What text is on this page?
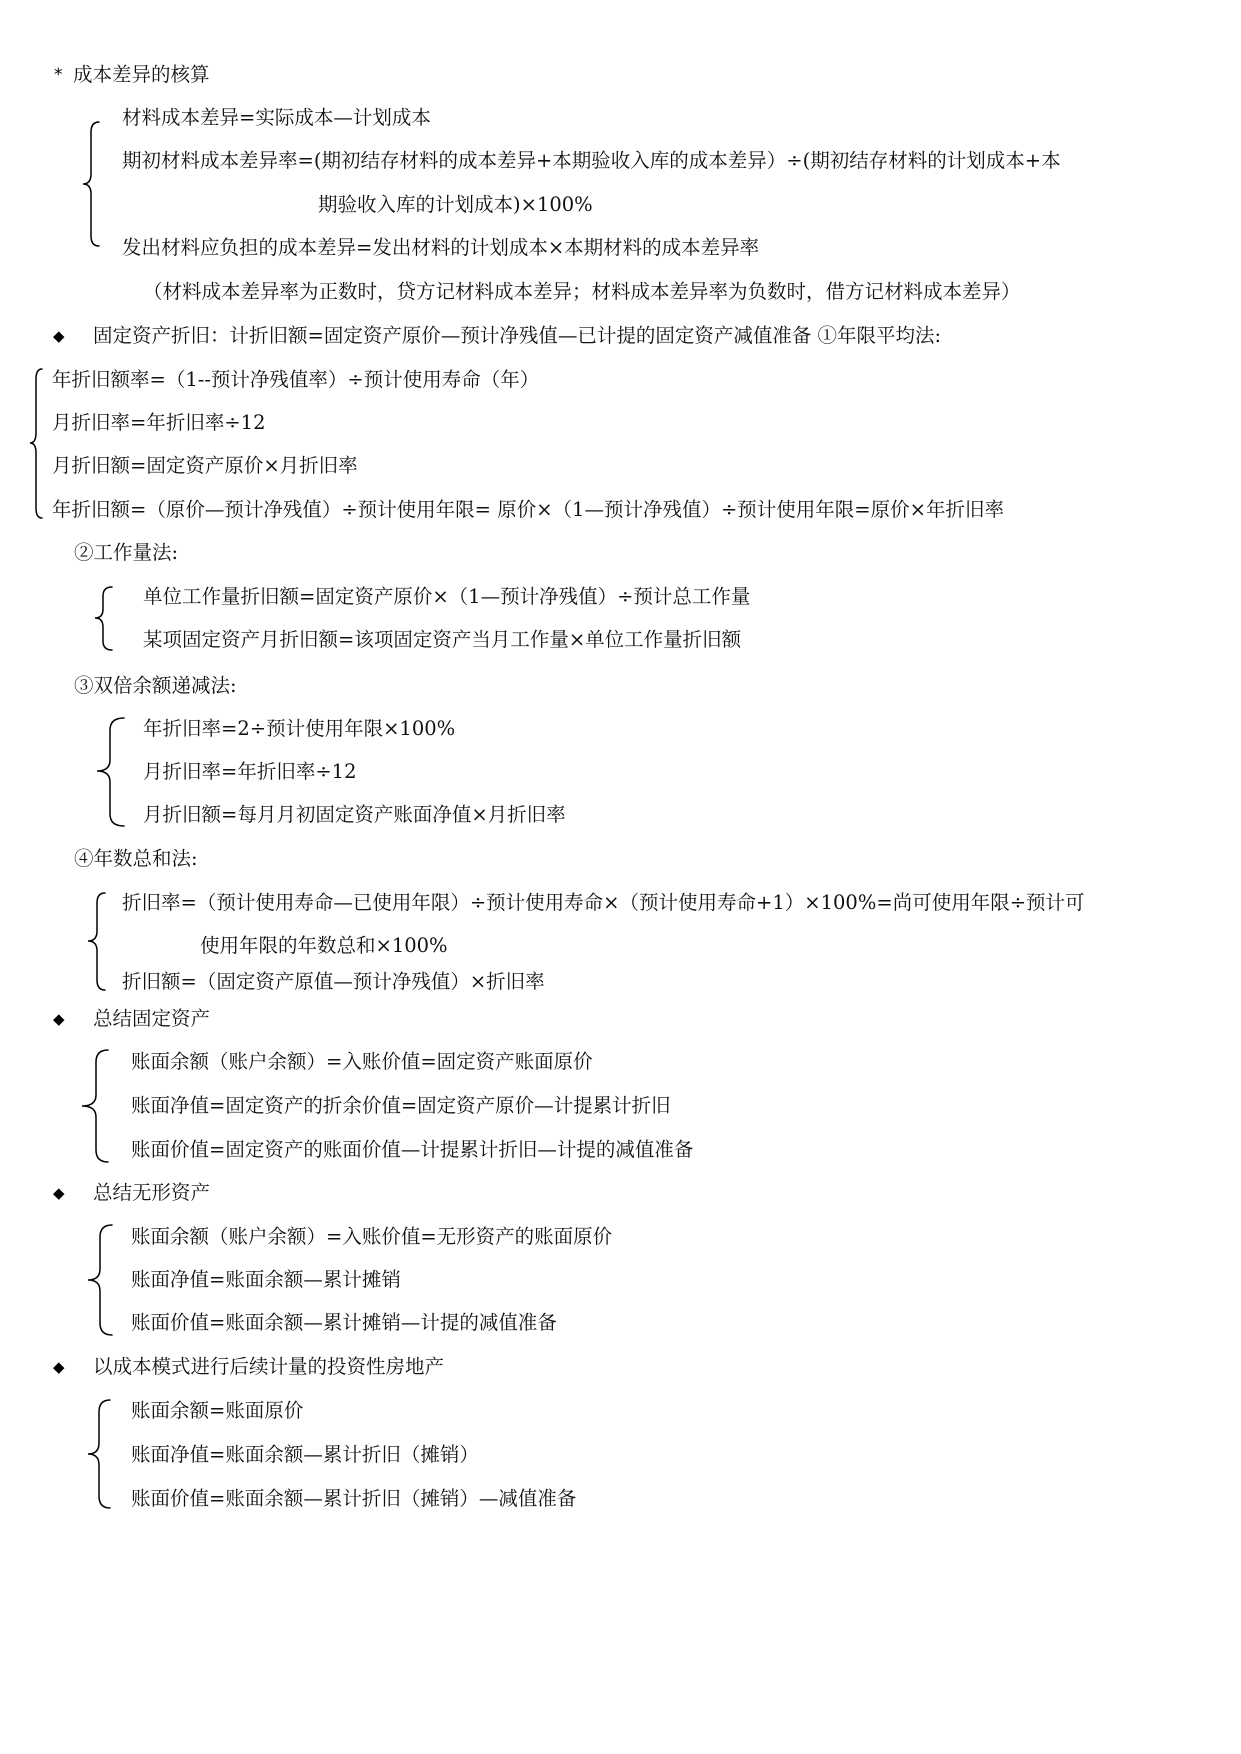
* 成本差异的核算
材料成本差异=实际成本—计划成本
期初材料成本差异率=(期初结存材料的成本差异+本期验收入库的成本差异）÷(期初结存材料的计划成本+本
期验收入库的计划成本)×100%
发出材料应负担的成本差异=发出材料的计划成本×本期材料的成本差异率
（材料成本差异率为正数时，贷方记材料成本差异；材料成本差异率为负数时，借方记材料成本差异）
◆ 固定资产折旧：计折旧额=固定资产原价—预计净残值—已计提的固定资产减值准备 ①年限平均法:
年折旧额率=（1--预计净残值率）÷预计使用寿命（年）
月折旧率=年折旧率÷12
月折旧额=固定资产原价×月折旧率
年折旧额=（原价—预计净残值）÷预计使用年限= 原价×（1—预计净残值）÷预计使用年限=原价×年折旧率
②工作量法:
单位工作量折旧额=固定资产原价×（1—预计净残值）÷预计总工作量
某项固定资产月折旧额=该项固定资产当月工作量×单位工作量折旧额
③双倍余额递减法:
年折旧率=2÷预计使用年限×100%
月折旧率=年折旧率÷12
月折旧额=每月月初固定资产账面净值×月折旧率
④年数总和法:
折旧率=（预计使用寿命—已使用年限）÷预计使用寿命×（预计使用寿命+1）×100%=尚可使用年限÷预计可
使用年限的年数总和×100%
折旧额=（固定资产原值—预计净残值）×折旧率
◆ 总结固定资产
账面余额（账户余额）=入账价值=固定资产账面原价
账面净值=固定资产的折余价值=固定资产原价—计提累计折旧
账面价值=固定资产的账面价值—计提累计折旧—计提的减值准备
◆ 总结无形资产
账面余额（账户余额）=入账价值=无形资产的账面原价
账面净值=账面余额—累计摊销
账面价值=账面余额—累计摊销—计提的减值准备
◆ 以成本模式进行后续计量的投资性房地产
账面余额=账面原价
账面净值=账面余额—累计折旧（摊销）
账面价值=账面余额—累计折旧（摊销）—减值准备
